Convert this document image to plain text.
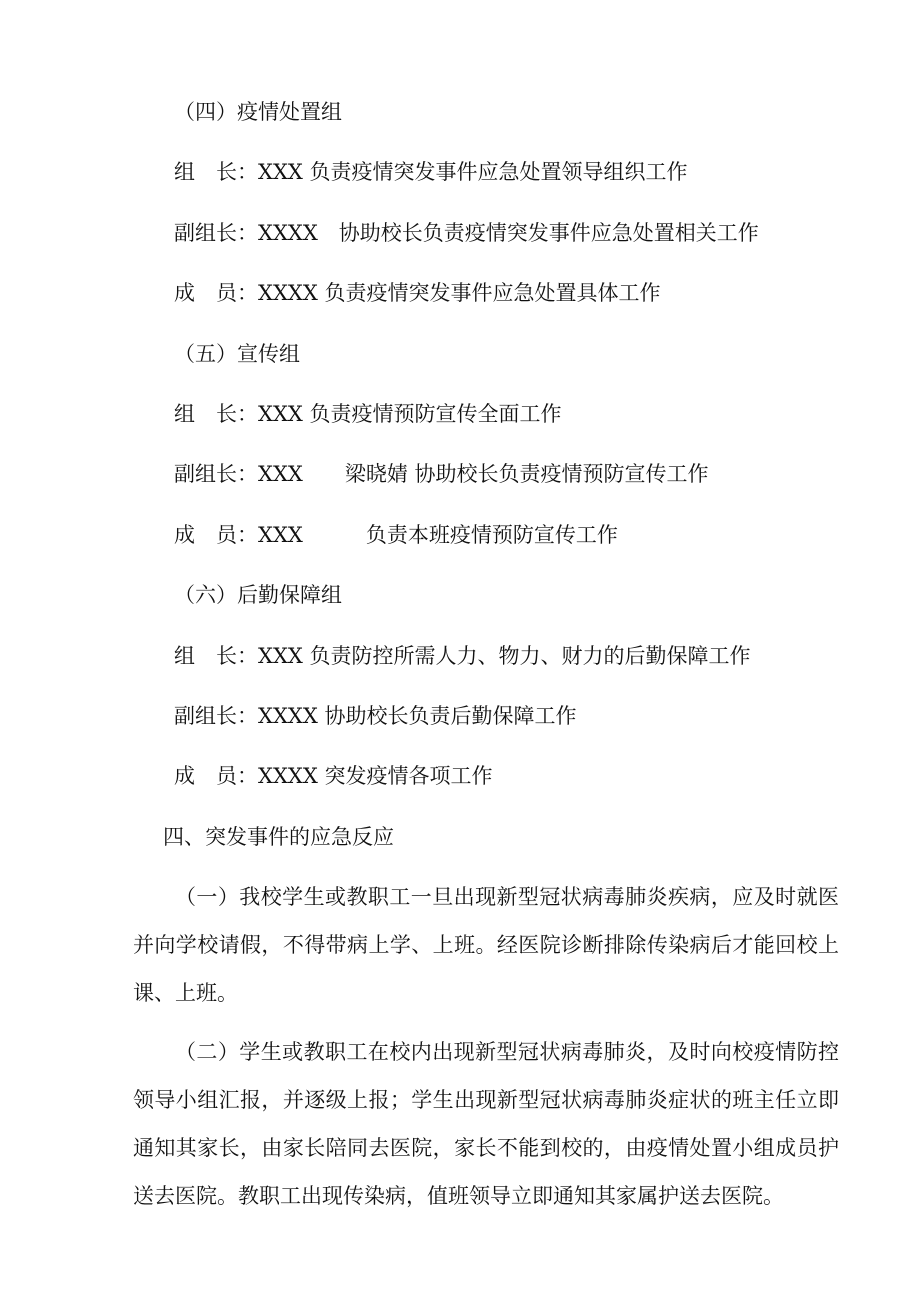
（四）疫情处置组

组　长：XXX 负责疫情突发事件应急处置领导组织工作

副组长：XXXX　协助校长负责疫情突发事件应急处置相关工作

成　员：XXXX 负责疫情突发事件应急处置具体工作

（五）宣传组

组　长：XXX 负责疫情预防宣传全面工作

副组长：XXX　　梁晓婧 协助校长负责疫情预防宣传工作

成　员：XXX　　　负责本班疫情预防宣传工作

（六）后勤保障组

组　长：XXX 负责防控所需人力、物力、财力的后勤保障工作

副组长：XXXX 协助校长负责后勤保障工作

成　员：XXXX 突发疫情各项工作

四、突发事件的应急反应

（一）我校学生或教职工一旦出现新型冠状病毒肺炎疾病，应及时就医并向学校请假，不得带病上学、上班。经医院诊断排除传染病后才能回校上课、上班。

（二）学生或教职工在校内出现新型冠状病毒肺炎，及时向校疫情防控领导小组汇报，并逐级上报；学生出现新型冠状病毒肺炎症状的班主任立即通知其家长，由家长陪同去医院，家长不能到校的，由疫情处置小组成员护送去医院。教职工出现传染病，值班领导立即通知其家属护送去医院。
